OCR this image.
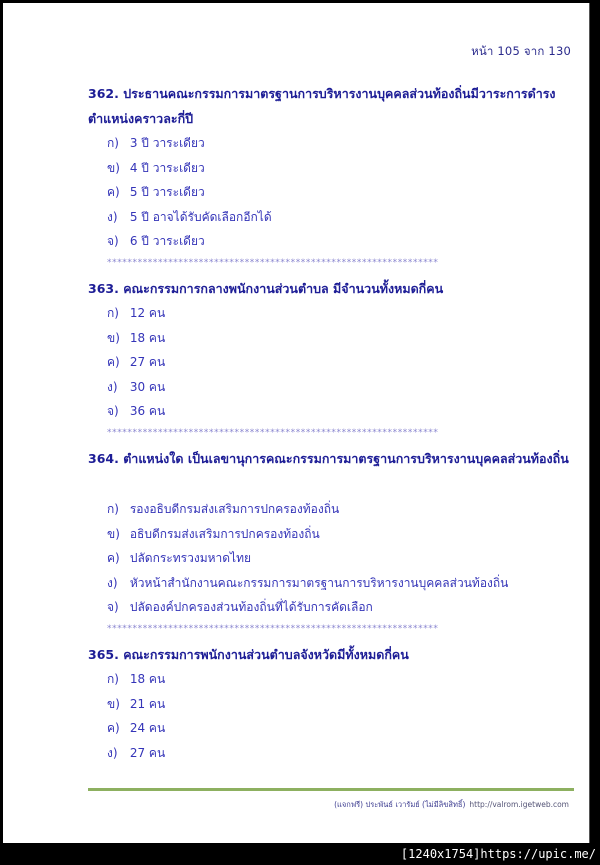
หน้า 105 จาก 130
362. ประธานคณะกรรมการมาตรฐานการบริหารงานบุคคลส่วนท้องถิ่นมีวาระการดำรงตำแหน่งคราวละกี่ปี
ก) 3 ปี วาระเดียว
ข) 4 ปี วาระเดียว
ค) 5 ปี วาระเดียว
ง) 5 ปี อาจได้รับคัดเลือกอีกได้
จ) 6 ปี วาระเดียว
*****************************************************************
363. คณะกรรมการกลางพนักงานส่วนตำบล มีจำนวนทั้งหมดกี่คน
ก) 12 คน
ข) 18 คน
ค) 27 คน
ง) 30 คน
จ) 36 คน
*****************************************************************
364. ตำแหน่งใด เป็นเลขานุการคณะกรรมการมาตรฐานการบริหารงานบุคคลส่วนท้องถิ่น
ก) รองอธิบดีกรมส่งเสริมการปกครองท้องถิ่น
ข) อธิบดีกรมส่งเสริมการปกครองท้องถิ่น
ค) ปลัดกระทรวงมหาดไทย
ง) หัวหน้าสำนักงานคณะกรรมการมาตรฐานการบริหารงานบุคคลส่วนท้องถิ่น
จ) ปลัดองค์ปกครองส่วนท้องถิ่นที่ได้รับการคัดเลือก
*****************************************************************
365. คณะกรรมการพนักงานส่วนตำบลจังหวัดมีทั้งหมดกี่คน
ก) 18 คน
ข) 21 คน
ค) 24 คน
ง) 27 คน
(แจกฟรี) ประพันธ์ เวารัมย์ (ไม่มีลิขสิทธิ์) http://valrom.igetweb.com
[1240x1754]https://upic.me/
